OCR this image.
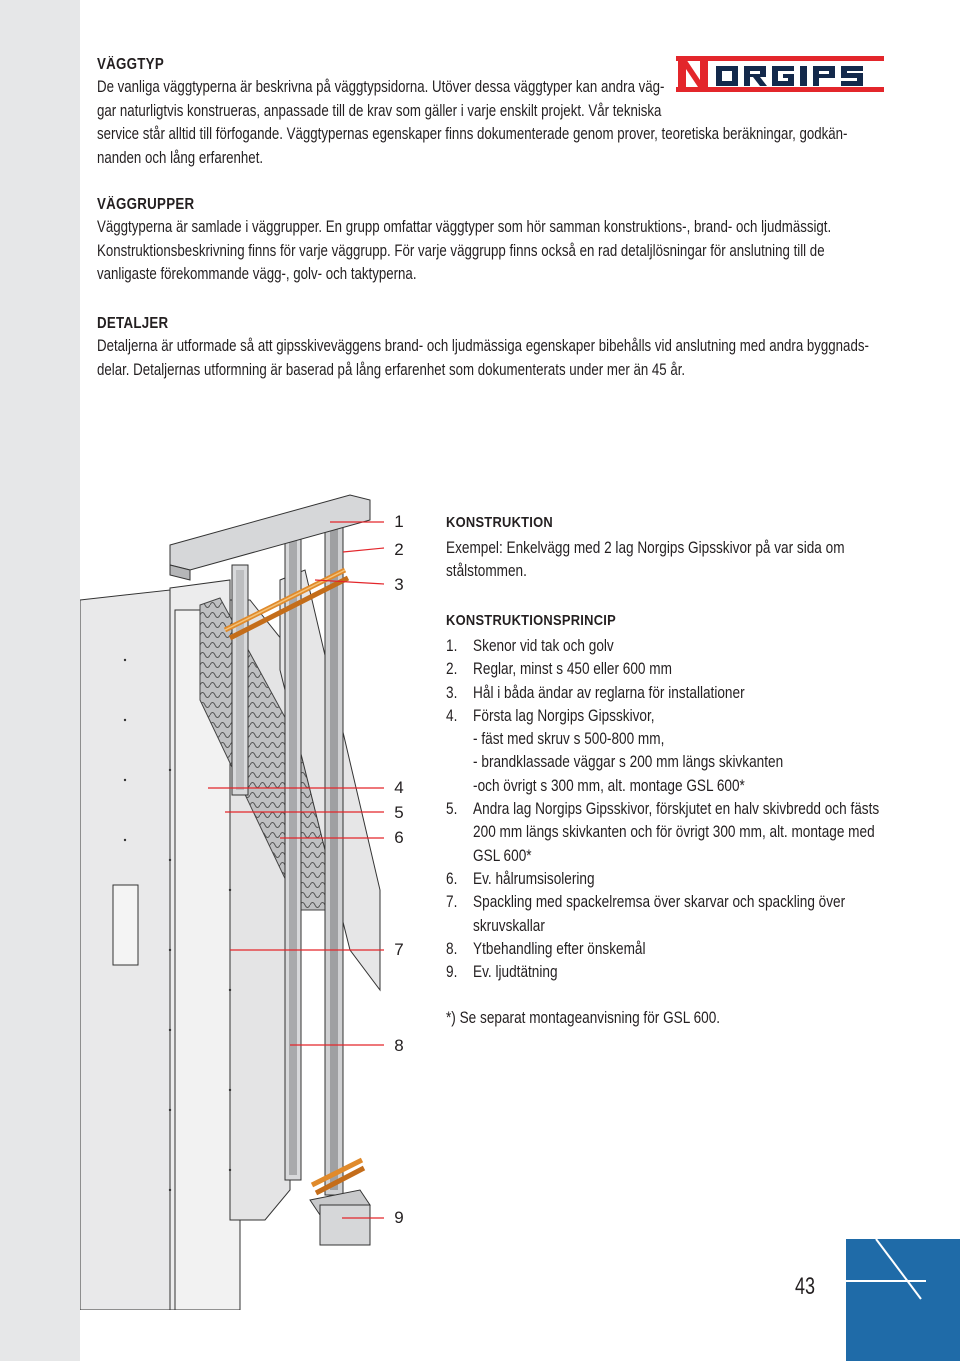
VÄGGTYP
De vanliga väggtyperna är beskrivna på väggtypsidorna. Utöver dessa väggtyper kan andra väg-
gar naturligtvis konstrueras, anpassade till de krav som gäller i varje enskilt projekt. Vår tekniska
service står alltid till förfogande. Väggtypernas egenskaper finns dokumenterade genom prover, teoretiska beräkningar, godkän-
nanden och lång erfarenhet.
VÄGGRUPPER
Väggtyperna är samlade i väggrupper. En grupp omfattar väggtyper som hör samman konstruktions-, brand- och ljudmässigt.
Konstruktionsbeskrivning finns för varje väggrupp. För varje väggrupp finns också en rad detaljlösningar för anslutning till de
vanligaste förekommande vägg-, golv- och taktyperna.
DETALJER
Detaljerna är utformade så att gipsskiveväggens brand- och ljudmässiga egenskaper bibehålls vid anslutning med andra byggnads-
delar. Detaljernas utformning är baserad på lång erfarenhet som dokumenterats under mer än 45 år.
1
2
3
4
5
6
7
8
9
KONSTRUKTION
Exempel: Enkelvägg med 2 lag Norgips Gipsskivor på var sida om
stålstommen.
KONSTRUKTIONSPRINCIP
1. Skenor vid tak och golv
2. Reglar, minst s 450 eller 600 mm
3. Hål i båda ändar av reglarna för installationer
4. Första lag Norgips Gipsskivor,
- fäst med skruv s 500-800 mm,
- brandklassade väggar s 200 mm längs skivkanten
-och övrigt s 300 mm, alt. montage GSL 600*
5. Andra lag Norgips Gipsskivor, förskjutet en halv skivbredd och fästs
200 mm längs skivkanten och för övrigt 300 mm, alt. montage med
GSL 600*
6. Ev. hålrumsisolering
7. Spackling med spackelremsa över skarvar och spackling över
skruvskallar
8. Ytbehandling efter önskemål
9. Ev. ljudtätning
*) Se separat montageanvisning för GSL 600.
43
